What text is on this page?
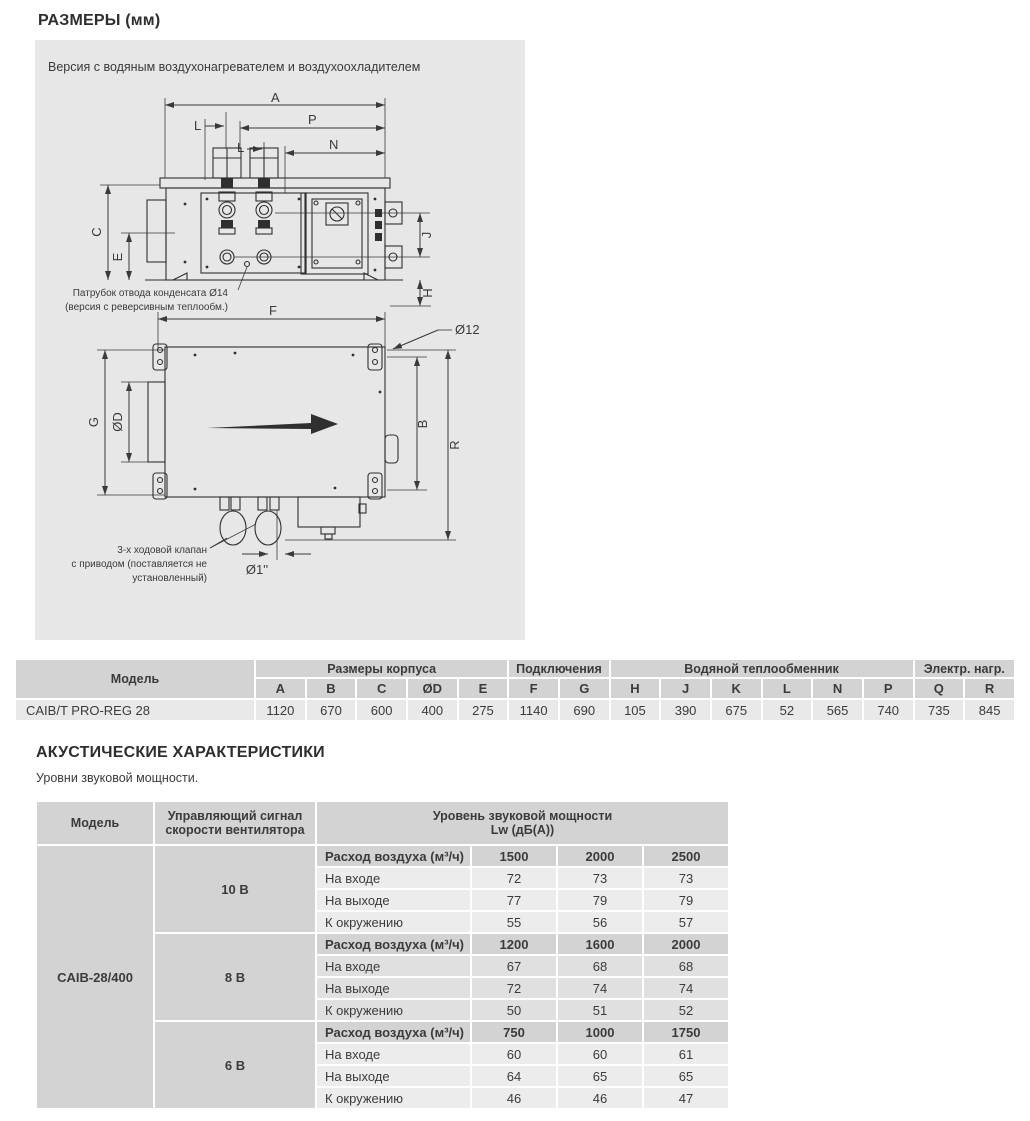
РАЗМЕРЫ (мм)
Версия с водяным воздухонагревателем и воздухоохладителем
A
P
L
L	N
C
E
J
H
Патрубок отвода конденсата Ø14
(версия с реверсивным теплообм.)	F
Ø12
Ø1''
G ØD	B
R
3-х ходовой клапан
с приводом (поставляется не
установленный)
Модель	Размеры корпуса					Подключения		Водяной теплообменник						Электр. нагр.	
	A	B	C	ØD	E	F	G	H	J	K	L	N	P	Q	R
CAIB/T PRO-REG 28	1120	670	600	400	275	1140	690	105	390	675	52	565	740	735	845
АКУСТИЧЕСКИЕ ХАРАКТЕРИСТИКИ
Уровни звуковой мощности.
Модель	Управляющий сигнал скорости вентилятора	Уровень звуковой мощности
Lw (дБ(А))			

CAIB-28/400	10 В	Расход воздуха (м³/ч)	1500	2000	2500
		На входе	72	73	73
		На выходе	77	79	79
		К окружению	55	56	57
	8 В	Расход воздуха (м³/ч)	1200	1600	2000
		На входе	67	68	68
		На выходе	72	74	74
		К окружению	50	51	52
	6 В	Расход воздуха (м³/ч)	750	1000	1750
		На входе	60	60	61
		На выходе	64	65	65
		К окружению	46	46	47
